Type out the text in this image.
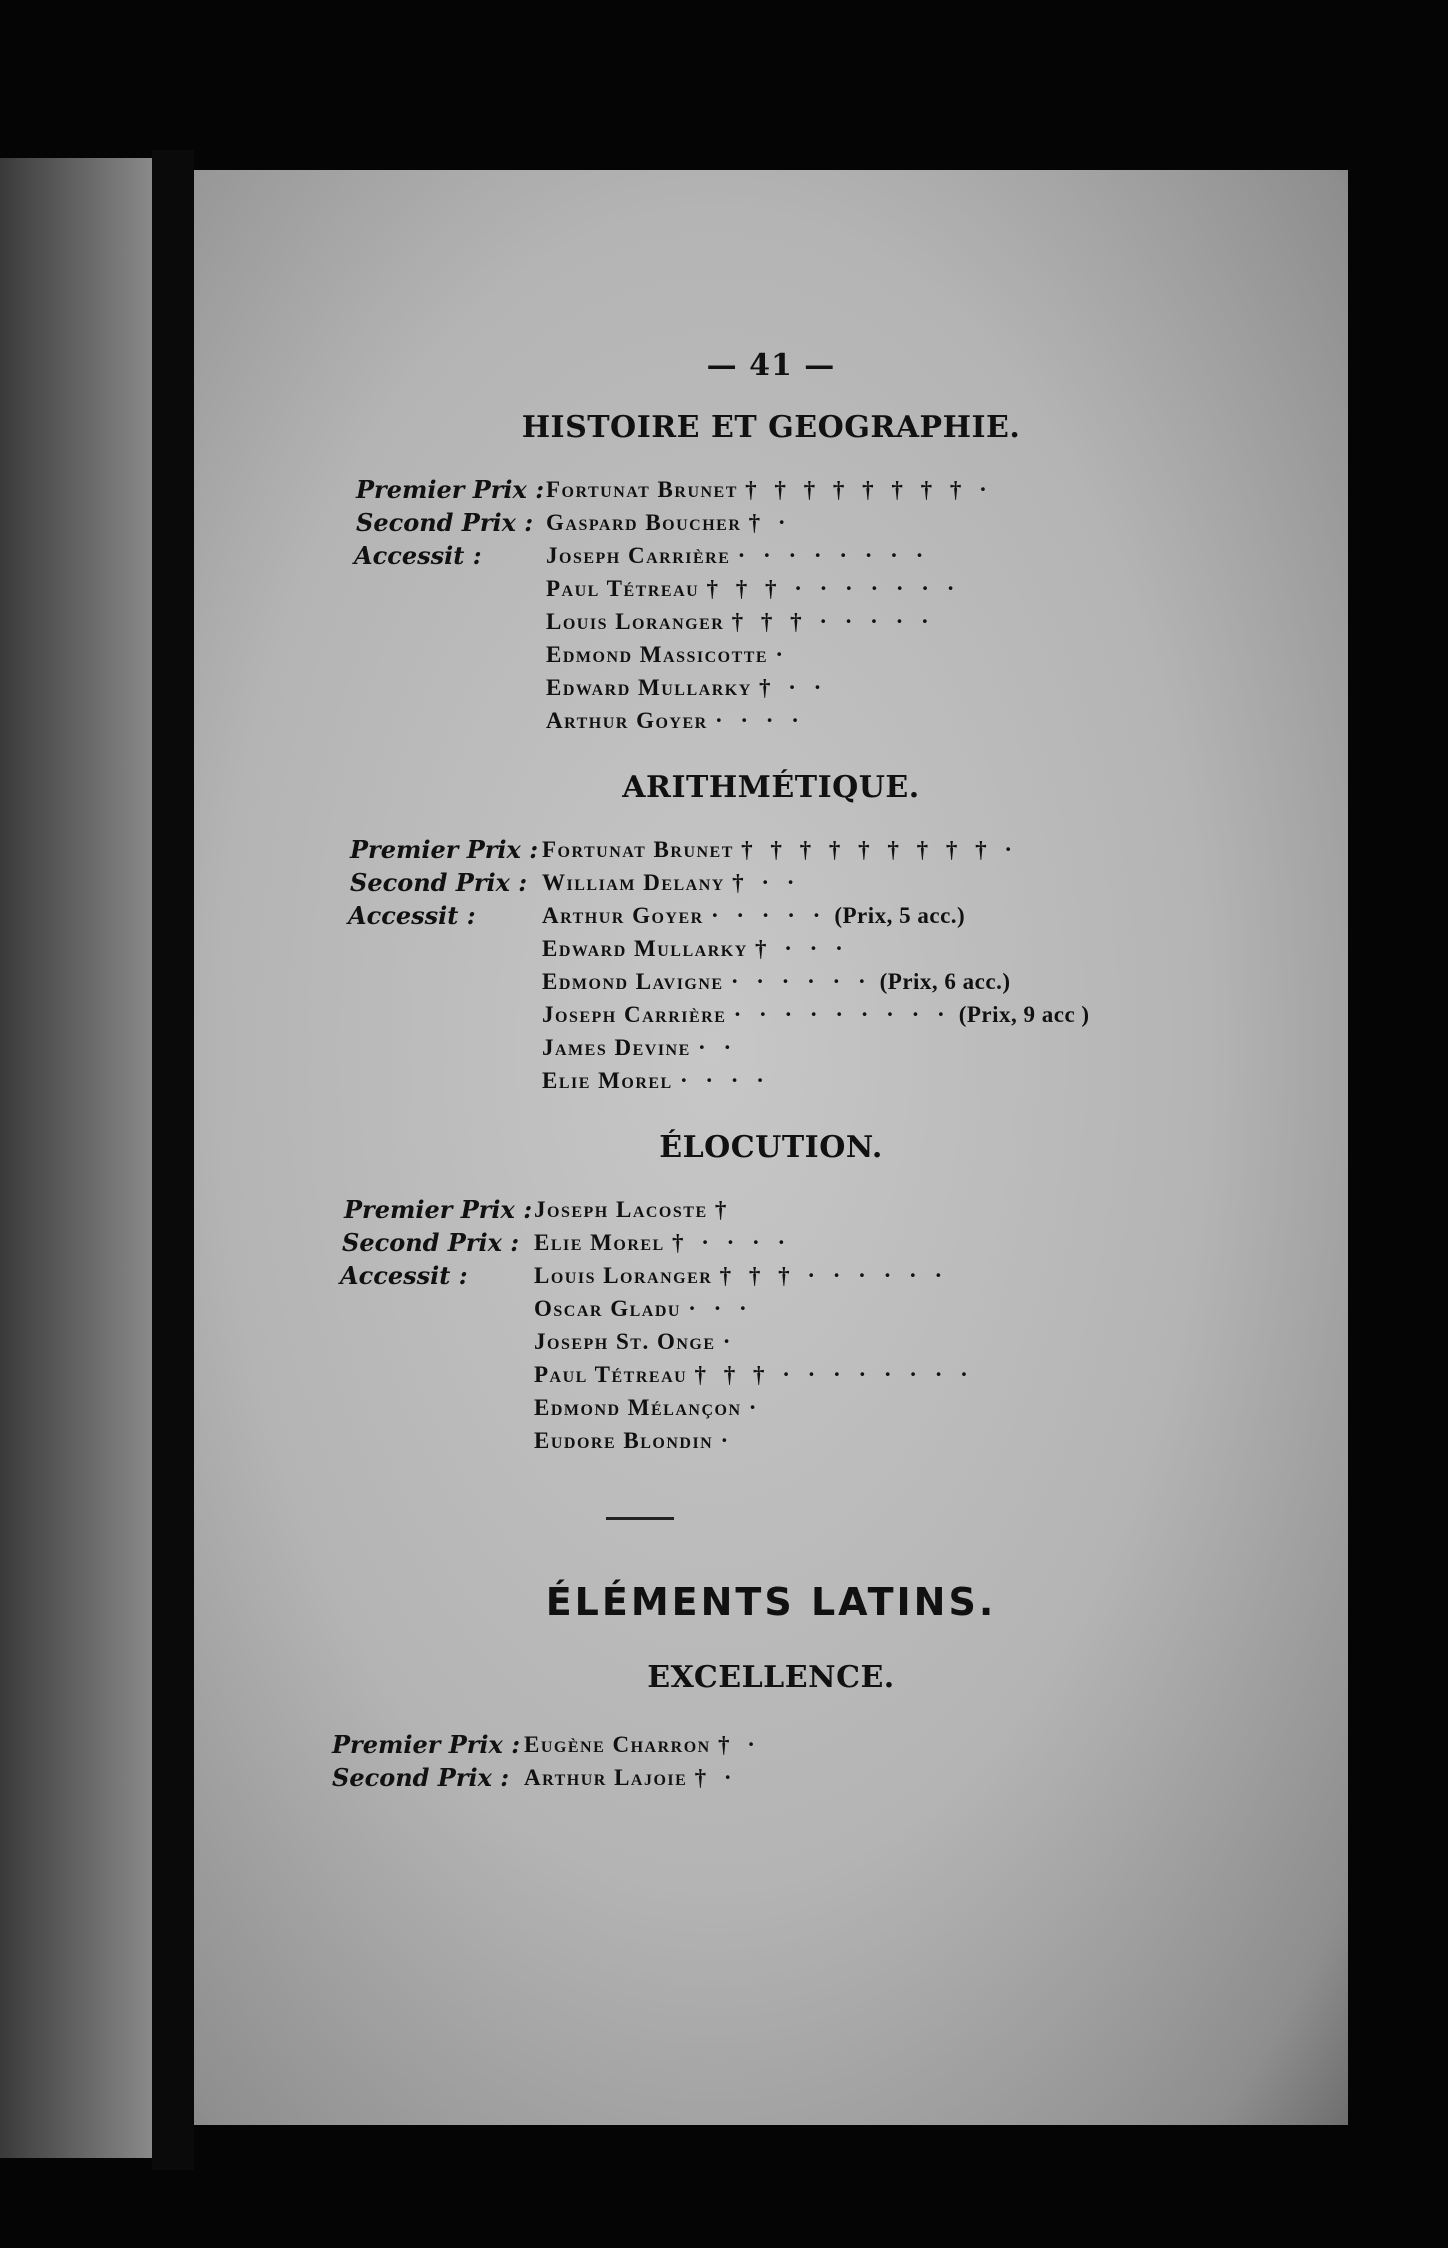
— 41 —
HISTOIRE ET GEOGRAPHIE.
Premier Prix : Fortunat Brunet † † † † † † † † ·
Second Prix : Gaspard Boucher † ·
Accessit :	Joseph Carrière · · · · · · · ·
Paul Tétreau † † † · · · · · · ·
Louis Loranger † † † · · · · ·
Edmond Massicotte ·
Edward Mullarky † · ·
Arthur Goyer · · · ·
ARITHMÉTIQUE.
Premier Prix : Fortunat Brunet † † † † † † † † † ·
Second Prix : William Delany † · ·
Accessit :	Arthur Goyer · · · · · (Prix, 5 acc.)
Edward Mullarky † · · ·
Edmond Lavigne · · · · · · (Prix, 6 acc.)
Joseph Carrière · · · · · · · · · (Prix, 9 acc )
James Devine · ·
Elie Morel · · · ·
ÉLOCUTION.
Premier Prix : Joseph Lacoste †
Second Prix : Elie Morel † · · · ·
Accessit :	Louis Loranger † † † · · · · · ·
Oscar Gladu · · ·
Joseph St. Onge ·
Paul Tétreau † † † · · · · · · · ·
Edmond Mélançon ·
Eudore Blondin ·
ÉLÉMENTS LATINS.
EXCELLENCE.
Premier Prix : Eugène Charron † ·
Second Prix : Arthur Lajoie † ·
